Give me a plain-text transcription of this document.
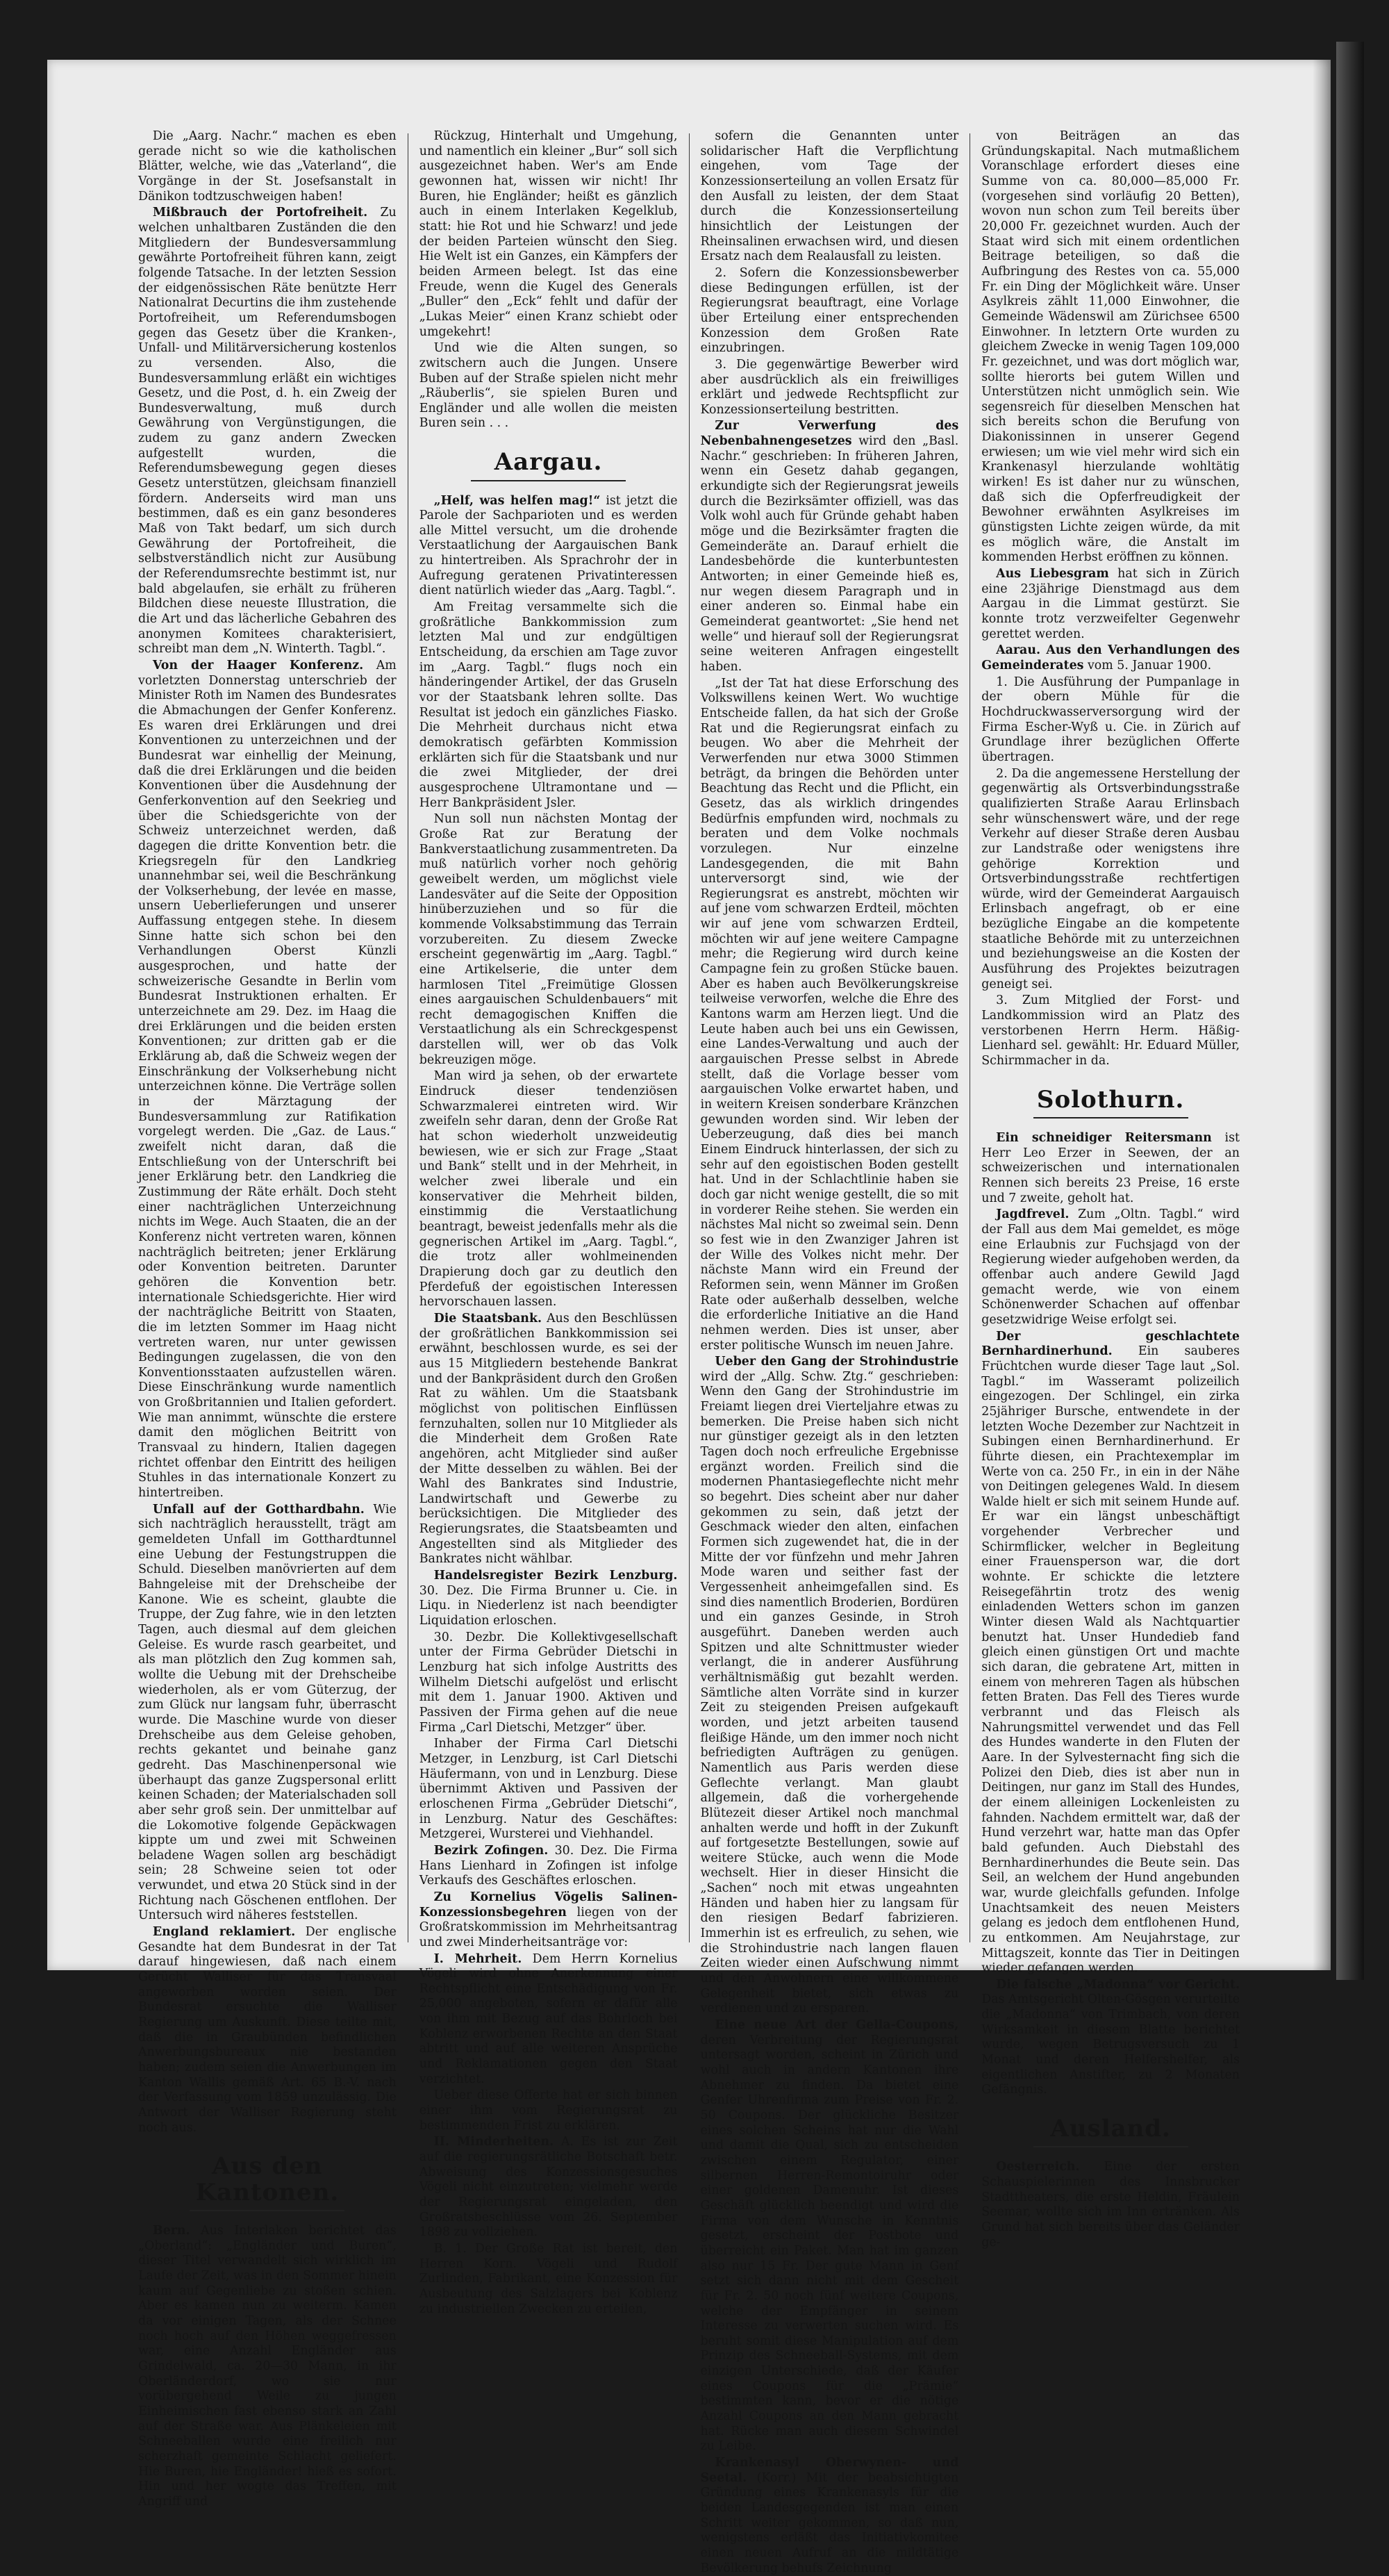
Die „Aarg. Nachr.“ machen es eben gerade nicht so wie die katholischen Blätter, welche, wie das „Vaterland“, die Vorgänge in der St. Josefsanstalt in Dänikon todtzuschweigen haben!

Mißbrauch der Portofreiheit. Zu welchen unhaltbaren Zuständen die den Mitgliedern der Bundesversammlung gewährte Portofreiheit führen kann, zeigt folgende Tatsache. In der letzten Session der eidgenössischen Räte benützte Herr Nationalrat Decurtins die ihm zustehende Portofreiheit, um Referendumsbogen gegen das Gesetz über die Kranken-, Unfall- und Militärversicherung kostenlos zu versenden. Also, die Bundesversammlung erläßt ein wichtiges Gesetz, und die Post, d. h. ein Zweig der Bundesverwaltung, muß durch Gewährung von Vergünstigungen, die zudem zu ganz andern Zwecken aufgestellt wurden, die Referendumsbewegung gegen dieses Gesetz unterstützen, gleichsam finanziell fördern. Anderseits wird man uns bestimmen, daß es ein ganz besonderes Maß von Takt bedarf, um sich durch Gewährung der Portofreiheit, die selbstverständlich nicht zur Ausübung der Referendumsrechte bestimmt ist, nur bald abgelaufen, sie erhält zu früheren Bildchen diese neueste Illustration, die die Art und das lächerliche Gebahren des anonymen Komitees charakterisiert, schreibt man dem „N. Winterth. Tagbl.“.

Von der Haager Konferenz. Am vorletzten Donnerstag unterschrieb der Minister Roth im Namen des Bundesrates die Abmachungen der Genfer Konferenz. Es waren drei Erklärungen und drei Konventionen zu unterzeichnen und der Bundesrat war einhellig der Meinung, daß die drei Erklärungen und die beiden Konventionen über die Ausdehnung der Genferkonvention auf den Seekrieg und über die Schiedsgerichte von der Schweiz unterzeichnet werden, daß dagegen die dritte Konvention betr. die Kriegsregeln für den Landkrieg unannehmbar sei, weil die Beschränkung der Volkserhebung, der levée en masse, unsern Ueberlieferungen und unserer Auffassung entgegen stehe. In diesem Sinne hatte sich schon bei den Verhandlungen Oberst Künzli ausgesprochen, und hatte der schweizerische Gesandte in Berlin vom Bundesrat Instruktionen erhalten. Er unterzeichnete am 29. Dez. im Haag die drei Erklärungen und die beiden ersten Konventionen; zur dritten gab er die Erklärung ab, daß die Schweiz wegen der Einschränkung der Volkserhebung nicht unterzeichnen könne. Die Verträge sollen in der Märztagung der Bundesversammlung zur Ratifikation vorgelegt werden. Die „Gaz. de Laus.“ zweifelt nicht daran, daß die Entschließung von der Unterschrift bei jener Erklärung betr. den Landkrieg die Zustimmung der Räte erhält. Doch steht einer nachträglichen Unterzeichnung nichts im Wege. Auch Staaten, die an der Konferenz nicht vertreten waren, können nachträglich beitreten; jener Erklärung oder Konvention beitreten. Darunter gehören die Konvention betr. internationale Schiedsgerichte. Hier wird der nachträgliche Beitritt von Staaten, die im letzten Sommer im Haag nicht vertreten waren, nur unter gewissen Bedingungen zugelassen, die von den Konventionsstaaten aufzustellen wären. Diese Einschränkung wurde namentlich von Großbritannien und Italien gefordert. Wie man annimmt, wünschte die erstere damit den möglichen Beitritt von Transvaal zu hindern, Italien dagegen richtet offenbar den Eintritt des heiligen Stuhles in das internationale Konzert zu hintertreiben.

Unfall auf der Gotthardbahn. Wie sich nachträglich herausstellt, trägt am gemeldeten Unfall im Gotthardtunnel eine Uebung der Festungstruppen die Schuld. Dieselben manövrierten auf dem Bahngeleise mit der Drehscheibe der Kanone. Wie es scheint, glaubte die Truppe, der Zug fahre, wie in den letzten Tagen, auch diesmal auf dem gleichen Geleise. Es wurde rasch gearbeitet, und als man plötzlich den Zug kommen sah, wollte die Uebung mit der Drehscheibe wiederholen, als er vom Güterzug, der zum Glück nur langsam fuhr, überrascht wurde. Die Maschine wurde von dieser Drehscheibe aus dem Geleise gehoben, rechts gekantet und beinahe ganz gedreht. Das Maschinenpersonal wie überhaupt das ganze Zugspersonal erlitt keinen Schaden; der Materialschaden soll aber sehr groß sein. Der unmittelbar auf die Lokomotive folgende Gepäckwagen kippte um und zwei mit Schweinen beladene Wagen sollen arg beschädigt sein; 28 Schweine seien tot oder verwundet, und etwa 20 Stück sind in der Richtung nach Göschenen entflohen. Der Untersuch wird näheres feststellen.

England reklamiert. Der englische Gesandte hat dem Bundesrat in der Tat darauf hingewiesen, daß nach einem Gerücht Walliser für das Transvaal angeworben worden seien. Der Bundesrat ersuchte die Walliser Regierung um Auskunft. Diese teilte mit, daß die in Graubünden befindlichen Anwerbungsbureaux nie bestanden haben; zudem seien die Anwerbungen im Kanton Wallis gemäß Art. 65 B.-V. nach der Verfassung vom 1859 unzulässig. Die Antwort der Walliser Regierung steht noch aus.

Aus den Kantonen.

Bern. Aus Interlaken berichtet das „Oberland“: „Engländer und Buren“, dieser Titel verwandelt sich wirklich im Laufe der Zeit, was in den Sommer hinein kaum auf Gegenliebe zu stoßen schien. Aber es kamen nun zu weiterm. Kamen da vor einigen Tagen, als der Schnee noch hoch auf den Höhen weggefressen war, eine Anzahl Engländer aus Grindelwald, ca. 20—30 Mann, in ihr Oberländerdorf, wo sie nur vorübergehend Weile zu jungen Einheimischen fast ebenso stark an Zahl auf der Straße war. Aus Plänkeleien mit Schneeballen wurde eine freilich nur scherzhaft gemeinte Schlacht geliefert. Hie Buren, hie Engländer! hieß es sofort. Hin und her wogte das Treffen, mit Angriff und

Rückzug, Hinterhalt und Umgehung, und namentlich ein kleiner „Bur“ soll sich ausgezeichnet haben. Wer's am Ende gewonnen hat, wissen wir nicht! Ihr Buren, hie Engländer; heißt es gänzlich auch in einem Interlaken Kegelklub, statt: hie Rot und hie Schwarz! und jede der beiden Parteien wünscht den Sieg. Hie Welt ist ein Ganzes, ein Kämpfers der beiden Armeen belegt. Ist das eine Freude, wenn die Kugel des Generals „Buller“ den „Eck“ fehlt und dafür der „Lukas Meier“ einen Kranz schiebt oder umgekehrt!

Und wie die Alten sungen, so zwitschern auch die Jungen. Unsere Buben auf der Straße spielen nicht mehr „Räuberlis“, sie spielen Buren und Engländer und alle wollen die meisten Buren sein . . .

Aargau.

„Helf, was helfen mag!“ ist jetzt die Parole der Sachparioten und es werden alle Mittel versucht, um die drohende Verstaatlichung der Aargauischen Bank zu hintertreiben. Als Sprachrohr der in Aufregung geratenen Privatinteressen dient natürlich wieder das „Aarg. Tagbl.“.

Am Freitag versammelte sich die großrätliche Bankkommission zum letzten Mal und zur endgültigen Entscheidung, da erschien am Tage zuvor im „Aarg. Tagbl.“ flugs noch ein händeringender Artikel, der das Gruseln vor der Staatsbank lehren sollte. Das Resultat ist jedoch ein gänzliches Fiasko. Die Mehrheit durchaus nicht etwa demokratisch gefärbten Kommission erklärten sich für die Staatsbank und nur die zwei Mitglieder, der drei ausgesprochene Ultramontane und — Herr Bankpräsident Jsler.

Nun soll nun nächsten Montag der Große Rat zur Beratung der Bankverstaatlichung zusammentreten. Da muß natürlich vorher noch gehörig geweibelt werden, um möglichst viele Landesväter auf die Seite der Opposition hinüberzuziehen und so für die kommende Volksabstimmung das Terrain vorzubereiten. Zu diesem Zwecke erscheint gegenwärtig im „Aarg. Tagbl.“ eine Artikelserie, die unter dem harmlosen Titel „Freimütige Glossen eines aargauischen Schuldenbauers“ mit recht demagogischen Kniffen die Verstaatlichung als ein Schreckgespenst darstellen will, wer ob das Volk bekreuzigen möge.

Man wird ja sehen, ob der erwartete Eindruck dieser tendenziösen Schwarzmalerei eintreten wird. Wir zweifeln sehr daran, denn der Große Rat hat schon wiederholt unzweideutig bewiesen, wie er sich zur Frage „Staat und Bank“ stellt und in der Mehrheit, in welcher zwei liberale und ein konservativer die Mehrheit bilden, einstimmig die Verstaatlichung beantragt, beweist jedenfalls mehr als die gegnerischen Artikel im „Aarg. Tagbl.“, die trotz aller wohlmeinenden Drapierung doch gar zu deutlich den Pferdefuß der egoistischen Interessen hervorschauen lassen.

Die Staatsbank. Aus den Beschlüssen der großrätlichen Bankkommission sei erwähnt, beschlossen wurde, es sei der aus 15 Mitgliedern bestehende Bankrat und der Bankpräsident durch den Großen Rat zu wählen. Um die Staatsbank möglichst von politischen Einflüssen fernzuhalten, sollen nur 10 Mitglieder als die Minderheit dem Großen Rate angehören, acht Mitglieder sind außer der Mitte desselben zu wählen. Bei der Wahl des Bankrates sind Industrie, Landwirtschaft und Gewerbe zu berücksichtigen. Die Mitglieder des Regierungsrates, die Staatsbeamten und Angestellten sind als Mitglieder des Bankrates nicht wählbar.

Handelsregister Bezirk Lenzburg. 30. Dez. Die Firma Brunner u. Cie. in Liqu. in Niederlenz ist nach beendigter Liquidation erloschen.

30. Dezbr. Die Kollektivgesellschaft unter der Firma Gebrüder Dietschi in Lenzburg hat sich infolge Austritts des Wilhelm Dietschi aufgelöst und erlischt mit dem 1. Januar 1900. Aktiven und Passiven der Firma gehen auf die neue Firma „Carl Dietschi, Metzger“ über.

Inhaber der Firma Carl Dietschi Metzger, in Lenzburg, ist Carl Dietschi Häufermann, von und in Lenzburg. Diese übernimmt Aktiven und Passiven der erloschenen Firma „Gebrüder Dietschi“, in Lenzburg. Natur des Geschäftes: Metzgerei, Wursterei und Viehhandel.

Bezirk Zofingen. 30. Dez. Die Firma Hans Lienhard in Zofingen ist infolge Verkaufs des Geschäftes erloschen.

Zu Kornelius Vögelis Salinen-Konzessionsbegehren liegen von der Großratskommission im Mehrheitsantrag und zwei Minderheitsanträge vor:

I. Mehrheit. Dem Herrn Kornelius Vögeli wird ohne Anerkennung einer Rechtspflicht eine Entschädigung von Fr. 25,000 angeboten, sofern er dafür alle von ihm mit Bezug auf das Bohrloch bei Koblenz erworbenen Rechte an den Staat abtritt und auf alle weiteren Ansprüche und Reklamationen gegen den Staat verzichtet.

Ueber diese Offerte hat er sich binnen einer ihm vom Regierungsrat zu bestimmenden Frist zu erklären.

II. Minderheiten. A. Es ist zur Zeit auf die regierungsrätliche Botschaft betr. Abweisung des Konzessionsgesuches Vögeli nicht einzutreten; vielmehr werde der Regierungsrat eingeladen, den Großratsbeschlüsse vom 26. September 1898 zu vollziehen.

B. 1. Der Große Rat ist bereit, den Herren Korn. Vögeli und Rudolf Zurlinden, Fabrikant, eine Konzession für Ausbeutung des Salzlagers bei Koblenz zu industriellen Zwecken zu erteilen,

sofern die Genannten unter solidarischer Haft die Verpflichtung eingehen, vom Tage der Konzessionserteilung an vollen Ersatz für den Ausfall zu leisten, der dem Staat durch die Konzessionserteilung hinsichtlich der Leistungen der Rheinsalinen erwachsen wird, und diesen Ersatz nach dem Realausfall zu leisten.

2. Sofern die Konzessionsbewerber diese Bedingungen erfüllen, ist der Regierungsrat beauftragt, eine Vorlage über Erteilung einer entsprechenden Konzession dem Großen Rate einzubringen.

3. Die gegenwärtige Bewerber wird aber ausdrücklich als ein freiwilliges erklärt und jedwede Rechtspflicht zur Konzessionserteilung bestritten.

Zur Verwerfung des Nebenbahnengesetzes wird den „Basl. Nachr.“ geschrieben: In früheren Jahren, wenn ein Gesetz dahab gegangen, erkundigte sich der Regierungsrat jeweils durch die Bezirksämter offiziell, was das Volk wohl auch für Gründe gehabt haben möge und die Bezirksämter fragten die Gemeinderäte an. Darauf erhielt die Landesbehörde die kunterbuntesten Antworten; in einer Gemeinde hieß es, nur wegen diesem Paragraph und in einer anderen so. Einmal habe ein Gemeinderat geantwortet: „Sie hend net welle“ und hierauf soll der Regierungsrat seine weiteren Anfragen eingestellt haben.

„Ist der Tat hat diese Erforschung des Volkswillens keinen Wert. Wo wuchtige Entscheide fallen, da hat sich der Große Rat und die Regierungsrat einfach zu beugen. Wo aber die Mehrheit der Verwerfenden nur etwa 3000 Stimmen beträgt, da bringen die Behörden unter Beachtung das Recht und die Pflicht, ein Gesetz, das als wirklich dringendes Bedürfnis empfunden wird, nochmals zu beraten und dem Volke nochmals vorzulegen. Nur einzelne Landesgegenden, die mit Bahn unterversorgt sind, wie der Regierungsrat es anstrebt, möchten wir auf jene vom schwarzen Erdteil, möchten wir auf jene vom schwarzen Erdteil, möchten wir auf jene weitere Campagne mehr; die Regierung wird durch keine Campagne fein zu großen Stücke bauen. Aber es haben auch Bevölkerungskreise teilweise verworfen, welche die Ehre des Kantons warm am Herzen liegt. Und die Leute haben auch bei uns ein Gewissen, eine Landes-Verwaltung und auch der aargauischen Presse selbst in Abrede stellt, daß die Vorlage besser vom aargauischen Volke erwartet haben, und in weitern Kreisen sonderbare Kränzchen gewunden worden sind. Wir leben der Ueberzeugung, daß dies bei manch Einem Eindruck hinterlassen, der sich zu sehr auf den egoistischen Boden gestellt hat. Und in der Schlachtlinie haben sie doch gar nicht wenige gestellt, die so mit in vorderer Reihe stehen. Sie werden ein nächstes Mal nicht so zweimal sein. Denn so fest wie in den Zwanziger Jahren ist der Wille des Volkes nicht mehr. Der nächste Mann wird ein Freund der Reformen sein, wenn Männer im Großen Rate oder außerhalb desselben, welche die erforderliche Initiative an die Hand nehmen werden. Dies ist unser, aber erster politische Wunsch im neuen Jahre.

Ueber den Gang der Strohindustrie wird der „Allg. Schw. Ztg.“ geschrieben: Wenn den Gang der Strohindustrie im Freiamt liegen drei Vierteljahre etwas zu bemerken. Die Preise haben sich nicht nur günstiger gezeigt als in den letzten Tagen doch noch erfreuliche Ergebnisse ergänzt worden. Freilich sind die modernen Phantasiegeflechte nicht mehr so begehrt. Dies scheint aber nur daher gekommen zu sein, daß jetzt der Geschmack wieder den alten, einfachen Formen sich zugewendet hat, die in der Mitte der vor fünfzehn und mehr Jahren Mode waren und seither fast der Vergessenheit anheimgefallen sind. Es sind dies namentlich Broderien, Bordüren und ein ganzes Gesinde, in Stroh ausgeführt. Daneben werden auch Spitzen und alte Schnittmuster wieder verlangt, die in anderer Ausführung verhältnismäßig gut bezahlt werden. Sämtliche alten Vorräte sind in kurzer Zeit zu steigenden Preisen aufgekauft worden, und jetzt arbeiten tausend fleißige Hände, um den immer noch nicht befriedigten Aufträgen zu genügen. Namentlich aus Paris werden diese Geflechte verlangt. Man glaubt allgemein, daß die vorhergehende Blütezeit dieser Artikel noch manchmal anhalten werde und hofft in der Zukunft auf fortgesetzte Bestellungen, sowie auf weitere Stücke, auch wenn die Mode wechselt. Hier in dieser Hinsicht die „Sachen“ noch mit etwas ungeahnten Händen und haben hier zu langsam für den riesigen Bedarf fabrizieren. Immerhin ist es erfreulich, zu sehen, wie die Strohindustrie nach langen flauen Zeiten wieder einen Aufschwung nimmt und den Anwohnern eine willkommene Gelegenheit bietet, sich etwas zu verdienen und zu ersparen.

Eine neue Art der Gella-Coupons, deren Verbreitung der Regierungsrat untersagt worden, scheint in Zürich und wohl auch in andern Kantonen ihre Abnehmer zu finden. Da bietet eine Genfer Uhrenfirma zum Preise von Fr. 2. 50 Coupons. Der glückliche Besitzer eines solchen Scheins hat nur die Wahl und damit die Qual, sich zu entscheiden zwischen einem Regulator, einer silbernen Herren-Remontoiruhr oder einer goldenen Damenuhr. Ist dieses Geschäft glücklich beendigt und wird die Firma von dem Wunsche in Kenntnis gesetzt, erscheint der Postbote und überreicht ein Paket. Man hat im ganzen also nur 15 Fr. Der gute Mann in Genf setzt sich dann nicht mit dem Gescheit für Fr. 2. 50 noch fünf weitere Coupons, welche der Empfänger in seinem Interesse zu verwerten suchen wird. Es beruht somit diese Manipulation auf dem Prinzip des Schneeball-Systems, mit dem einzigen Unterschiede, daß der Käufer eines Coupons für die „Prämie“ bestimmten kann, bevor er die nötige Anzahl Coupons an den Mann gebracht hat. Rücke man auch diesem Schwindel zu Leibe.

Krankenasyl Oberwynen- und Seetal. (Korr.) Mit der beabsichtigten Gründung eines Krankenasyls für die beiden Landesgegenden ist man einen Schritt weiter gekommen, so daß nun, wenigstens erläßt das Initiativkomitee einen neuen Aufruf an die mildtätige Bevölkerung behufs Zeichnung

von Beiträgen an das Gründungskapital. Nach mutmaßlichem Voranschlage erfordert dieses eine Summe von ca. 80,000—85,000 Fr. (vorgesehen sind vorläufig 20 Betten), wovon nun schon zum Teil bereits über 20,000 Fr. gezeichnet wurden. Auch der Staat wird sich mit einem ordentlichen Beitrage beteiligen, so daß die Aufbringung des Restes von ca. 55,000 Fr. ein Ding der Möglichkeit wäre. Unser Asylkreis zählt 11,000 Einwohner, die Gemeinde Wädenswil am Zürichsee 6500 Einwohner. In letztern Orte wurden zu gleichem Zwecke in wenig Tagen 109,000 Fr. gezeichnet, und was dort möglich war, sollte hierorts bei gutem Willen und Unterstützen nicht unmöglich sein. Wie segensreich für dieselben Menschen hat sich bereits schon die Berufung von Diakonissinnen in unserer Gegend erwiesen; um wie viel mehr wird sich ein Krankenasyl hierzulande wohltätig wirken! Es ist daher nur zu wünschen, daß sich die Opferfreudigkeit der Bewohner erwähnten Asylkreises im günstigsten Lichte zeigen würde, da mit es möglich wäre, die Anstalt im kommenden Herbst eröffnen zu können.

Aus Liebesgram hat sich in Zürich eine 23jährige Dienstmagd aus dem Aargau in die Limmat gestürzt. Sie konnte trotz verzweifelter Gegenwehr gerettet werden.

Aarau. Aus den Verhandlungen des Gemeinderates vom 5. Januar 1900.

1. Die Ausführung der Pumpanlage in der obern Mühle für die Hochdruckwasserversorgung wird der Firma Escher-Wyß u. Cie. in Zürich auf Grundlage ihrer bezüglichen Offerte übertragen.

2. Da die angemessene Herstellung der gegenwärtig als Ortsverbindungsstraße qualifizierten Straße Aarau Erlinsbach sehr wünschenswert wäre, und der rege Verkehr auf dieser Straße deren Ausbau zur Landstraße oder wenigstens ihre gehörige Korrektion und Ortsverbindungsstraße rechtfertigen würde, wird der Gemeinderat Aargauisch Erlinsbach angefragt, ob er eine bezügliche Eingabe an die kompetente staatliche Behörde mit zu unterzeichnen und beziehungsweise an die Kosten der Ausführung des Projektes beizutragen geneigt sei.

3. Zum Mitglied der Forst- und Landkommission wird an Platz des verstorbenen Herrn Herm. Häßig-Lienhard sel. gewählt: Hr. Eduard Müller, Schirmmacher in da.

Solothurn.

Ein schneidiger Reitersmann ist Herr Leo Erzer in Seewen, der an schweizerischen und internationalen Rennen sich bereits 23 Preise, 16 erste und 7 zweite, geholt hat.

Jagdfrevel. Zum „Oltn. Tagbl.“ wird der Fall aus dem Mai gemeldet, es möge eine Erlaubnis zur Fuchsjagd von der Regierung wieder aufgehoben werden, da offenbar auch andere Gewild Jagd gemacht werde, wie von einem Schönenwerder Schachen auf offenbar gesetzwidrige Weise erfolgt sei.

Der geschlachtete Bernhardinerhund. Ein sauberes Früchtchen wurde dieser Tage laut „Sol. Tagbl.“ im Wasseramt polizeilich eingezogen. Der Schlingel, ein zirka 25jähriger Bursche, entwendete in der letzten Woche Dezember zur Nachtzeit in Subingen einen Bernhardinerhund. Er führte diesen, ein Prachtexemplar im Werte von ca. 250 Fr., in ein in der Nähe von Deitingen gelegenes Wald. In diesem Walde hielt er sich mit seinem Hunde auf. Er war ein längst unbeschäftigt vorgehender Verbrecher und Schirmflicker, welcher in Begleitung einer Frauensperson war, die dort wohnte. Er schickte die letztere Reisegefährtin trotz des wenig einladenden Wetters schon im ganzen Winter diesen Wald als Nachtquartier benutzt hat. Unser Hundedieb fand gleich einen günstigen Ort und machte sich daran, die gebratene Art, mitten in einem von mehreren Tagen als hübschen fetten Braten. Das Fell des Tieres wurde verbrannt und das Fleisch als Nahrungsmittel verwendet und das Fell des Hundes wanderte in den Fluten der Aare. In der Sylvesternacht fing sich die Polizei den Dieb, dies ist aber nun in Deitingen, nur ganz im Stall des Hundes, der einem alleinigen Lockenleisten zu fahnden. Nachdem ermittelt war, daß der Hund verzehrt war, hatte man das Opfer bald gefunden. Auch Diebstahl des Bernhardinerhundes die Beute sein. Das Seil, an welchem der Hund angebunden war, wurde gleichfalls gefunden. Infolge Unachtsamkeit des neuen Meisters gelang es jedoch dem entflohenen Hund, zu entkommen. Am Neujahrstage, zur Mittagszeit, konnte das Tier in Deitingen wieder gefangen werden.

Die falsche „Madonna“ vor Gericht. Das Amtsgericht Olten-Gösgen verurteilte die „Madonna“ von Trimbach, von deren Wirksamkeit in diesem Blatte berichtet wurde, wegen Betrugsversuch zu 1 Monat und deren Helfershelfer, als eigentlichen Anstifter, zu 2 Monaten Gefängnis.

Ausland.

Oesterreich. Eine der ersten Schauspielerinnen des Innsbrucker Stadttheaters, die erste Heldin, Fräulein Seemar, wollte sich im Inn ertränken. Als Grund hat sich bereits über das Geländer ge-
